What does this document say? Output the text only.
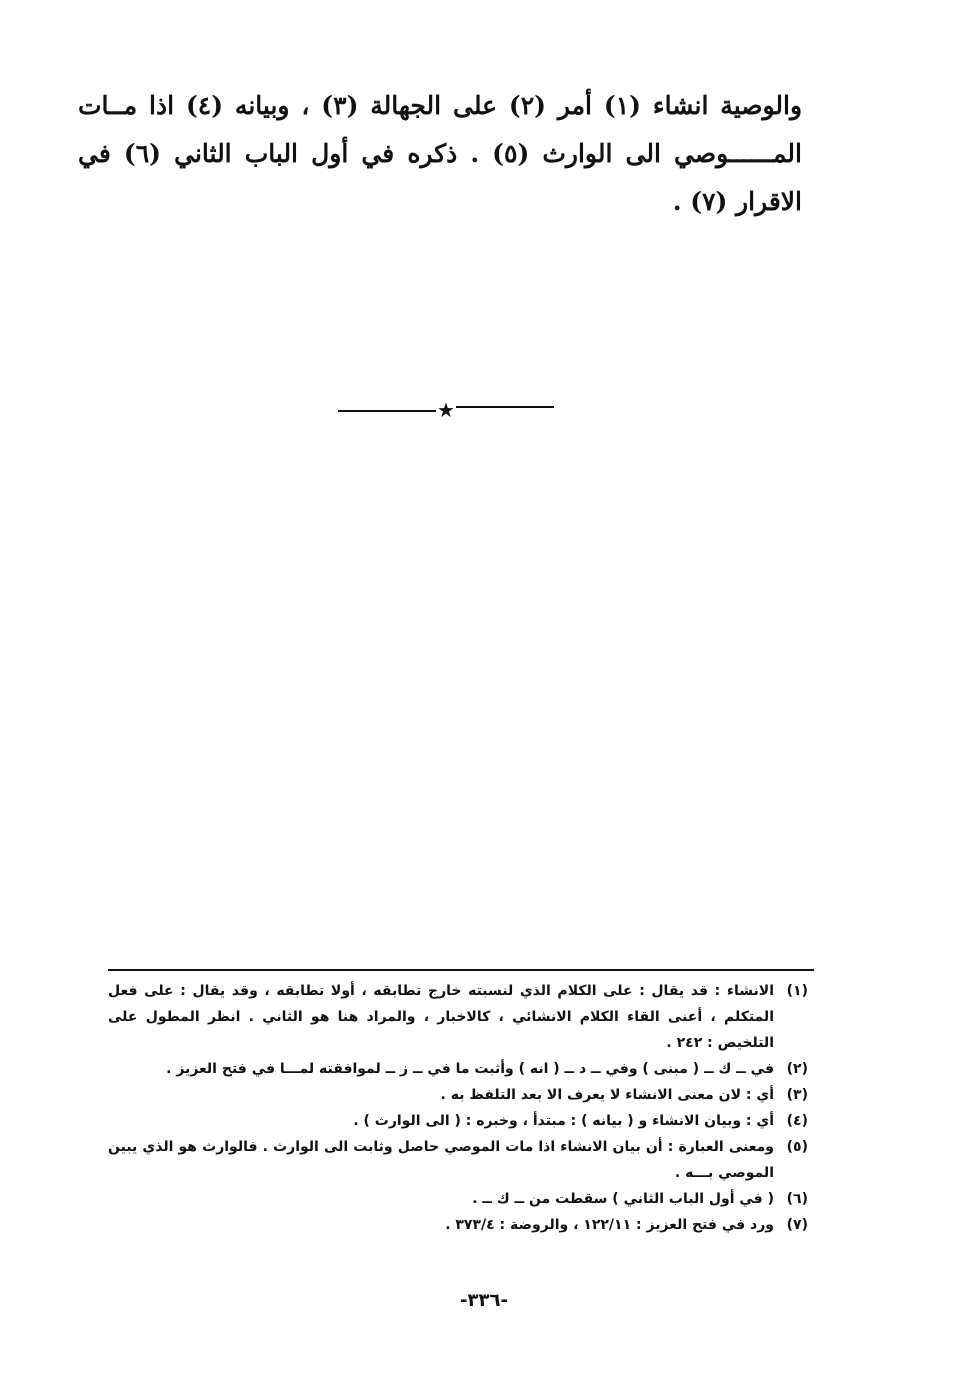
والوصية انشاء (١) أمر (٢) على الجهالة (٣) ، وبيانه (٤) اذا مــات المــــــوصي الى الوارث (٥) . ذكره في أول الباب الثاني (٦) في الاقرار (٧) .

★
(١)
الانشاء : قد يقال : على الكلام الذي لنسبته خارج تطابقه ، أولا تطابقه ، وقد يقال : على فعل المتكلم ، أعنى القاء الكلام الانشائي ، كالاخبار ، والمراد هنا هو الثاني . انظر المطول على التلخيص : ٢٤٢ .
(٢)
في ــ ك ــ ( مبنى ) وفي ــ د ــ ( انه ) وأثبت ما في ــ ز ــ لموافقته لمـــا في فتح العزيز .
(٣)
أي : لان معنى الانشاء لا يعرف الا بعد التلفظ به .
(٤)
أي : وبيان الانشاء و ( بيانه ) : مبتدأ ، وخبره : ( الى الوارث ) .
(٥)
ومعنى العبارة : أن بيان الانشاء اذا مات الموصي حاصل وثابت الى الوارث . فالوارث هو الذي يبين الموصي بـــه .
(٦)
( في أول الباب الثاني ) سقطت من ــ ك ــ .
(٧)
ورد في فتح العزيز : ١٢٢/١١ ، والروضة : ٣٧٣/٤ .
-٣٣٦-
